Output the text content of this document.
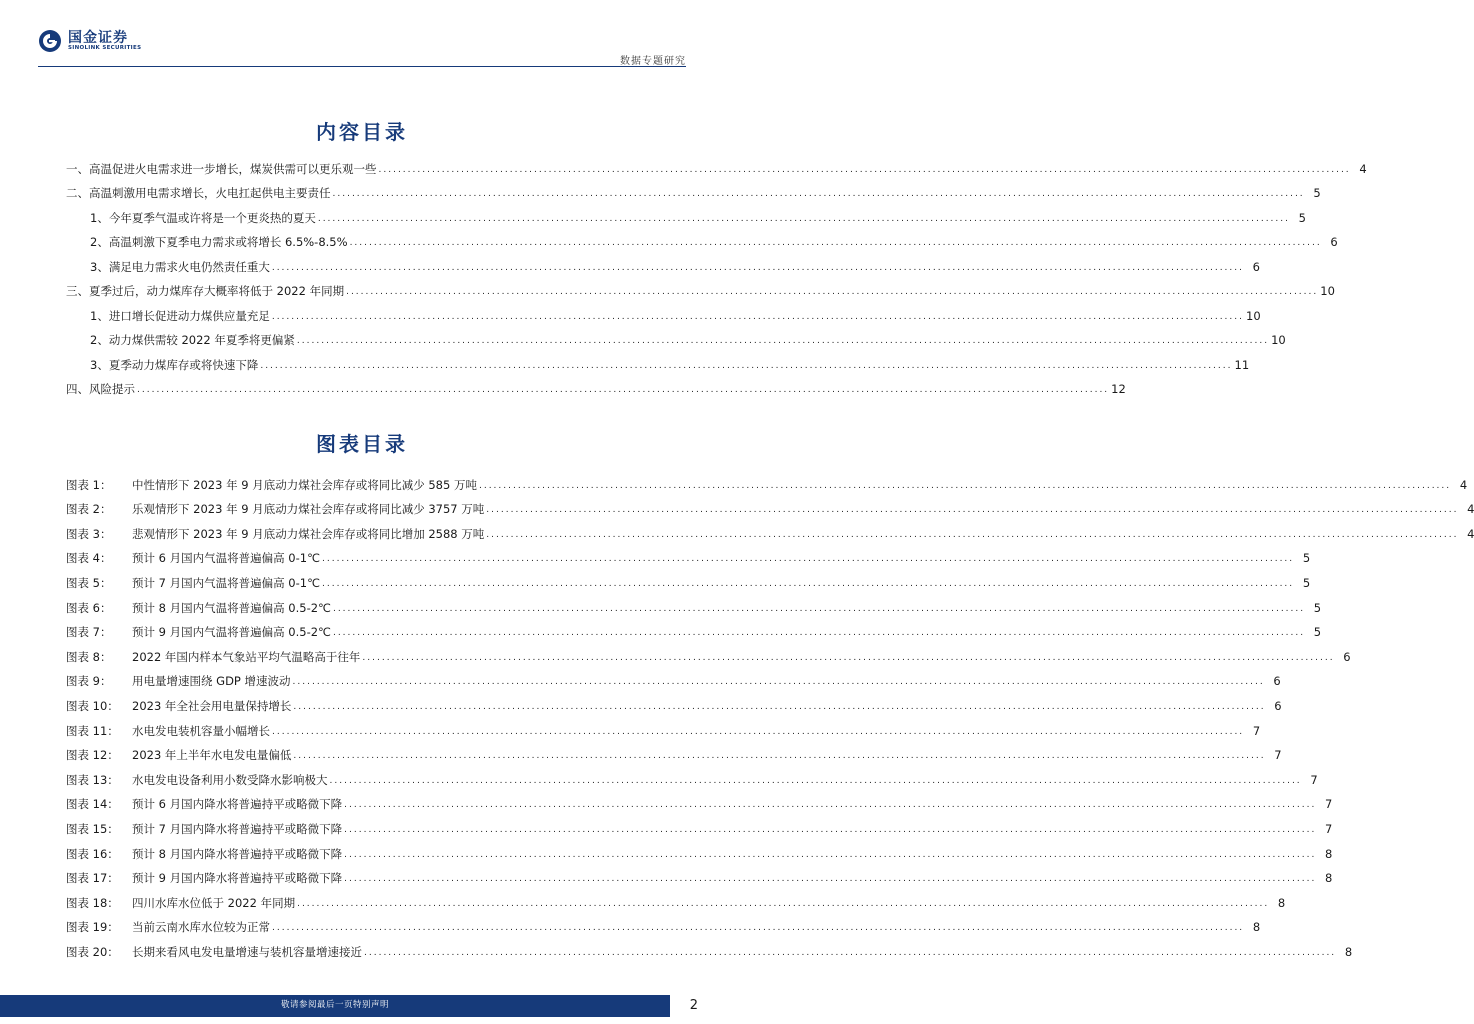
国金证券
SINOLINK SECURITIES
数据专题研究
内容目录
一、高温促进火电需求进一步增长，煤炭供需可以更乐观一些 ........................................................................................................................................................................................................ 4
二、高温刺激用电需求增长，火电扛起供电主要责任 ........................................................................................................................................................................................................ 5
1、今年夏季气温或许将是一个更炎热的夏天 ........................................................................................................................................................................................................ 5
2、高温刺激下夏季电力需求或将增长 6.5%-8.5% ........................................................................................................................................................................................................ 6
3、满足电力需求火电仍然责任重大 ........................................................................................................................................................................................................ 6
三、夏季过后，动力煤库存大概率将低于 2022 年同期 ........................................................................................................................................................................................................ 10
1、进口增长促进动力煤供应量充足 ........................................................................................................................................................................................................ 10
2、动力煤供需较 2022 年夏季将更偏紧 ........................................................................................................................................................................................................ 10
3、夏季动力煤库存或将快速下降 ........................................................................................................................................................................................................ 11
四、风险提示 ........................................................................................................................................................................................................ 12
图表目录
图表 1：	中性情形下 2023 年 9 月底动力煤社会库存或将同比减少 585 万吨 ........................................................................................................................................................................................................ 4
图表 2：	乐观情形下 2023 年 9 月底动力煤社会库存或将同比减少 3757 万吨 ........................................................................................................................................................................................................ 4
图表 3：	悲观情形下 2023 年 9 月底动力煤社会库存或将同比增加 2588 万吨 ........................................................................................................................................................................................................ 4
图表 4：	预计 6 月国内气温将普遍偏高 0-1℃ ........................................................................................................................................................................................................ 5
图表 5：	预计 7 月国内气温将普遍偏高 0-1℃ ........................................................................................................................................................................................................ 5
图表 6：	预计 8 月国内气温将普遍偏高 0.5-2℃ ........................................................................................................................................................................................................ 5
图表 7：	预计 9 月国内气温将普遍偏高 0.5-2℃ ........................................................................................................................................................................................................ 5
图表 8：	2022 年国内样本气象站平均气温略高于往年 ........................................................................................................................................................................................................ 6
图表 9：	用电量增速围绕 GDP 增速波动 ........................................................................................................................................................................................................ 6
图表 10：	2023 年全社会用电量保持增长 ........................................................................................................................................................................................................ 6
图表 11：	水电发电装机容量小幅增长 ........................................................................................................................................................................................................ 7
图表 12：	2023 年上半年水电发电量偏低 ........................................................................................................................................................................................................ 7
图表 13：	水电发电设备利用小数受降水影响极大 ........................................................................................................................................................................................................ 7
图表 14：	预计 6 月国内降水将普遍持平或略微下降 ........................................................................................................................................................................................................ 7
图表 15：	预计 7 月国内降水将普遍持平或略微下降 ........................................................................................................................................................................................................ 7
图表 16：	预计 8 月国内降水将普遍持平或略微下降 ........................................................................................................................................................................................................ 8
图表 17：	预计 9 月国内降水将普遍持平或略微下降 ........................................................................................................................................................................................................ 8
图表 18：	四川水库水位低于 2022 年同期 ........................................................................................................................................................................................................ 8
图表 19：	当前云南水库水位较为正常 ........................................................................................................................................................................................................ 8
图表 20：	长期来看风电发电量增速与装机容量增速接近 ........................................................................................................................................................................................................ 8
敬请参阅最后一页特别声明	2
